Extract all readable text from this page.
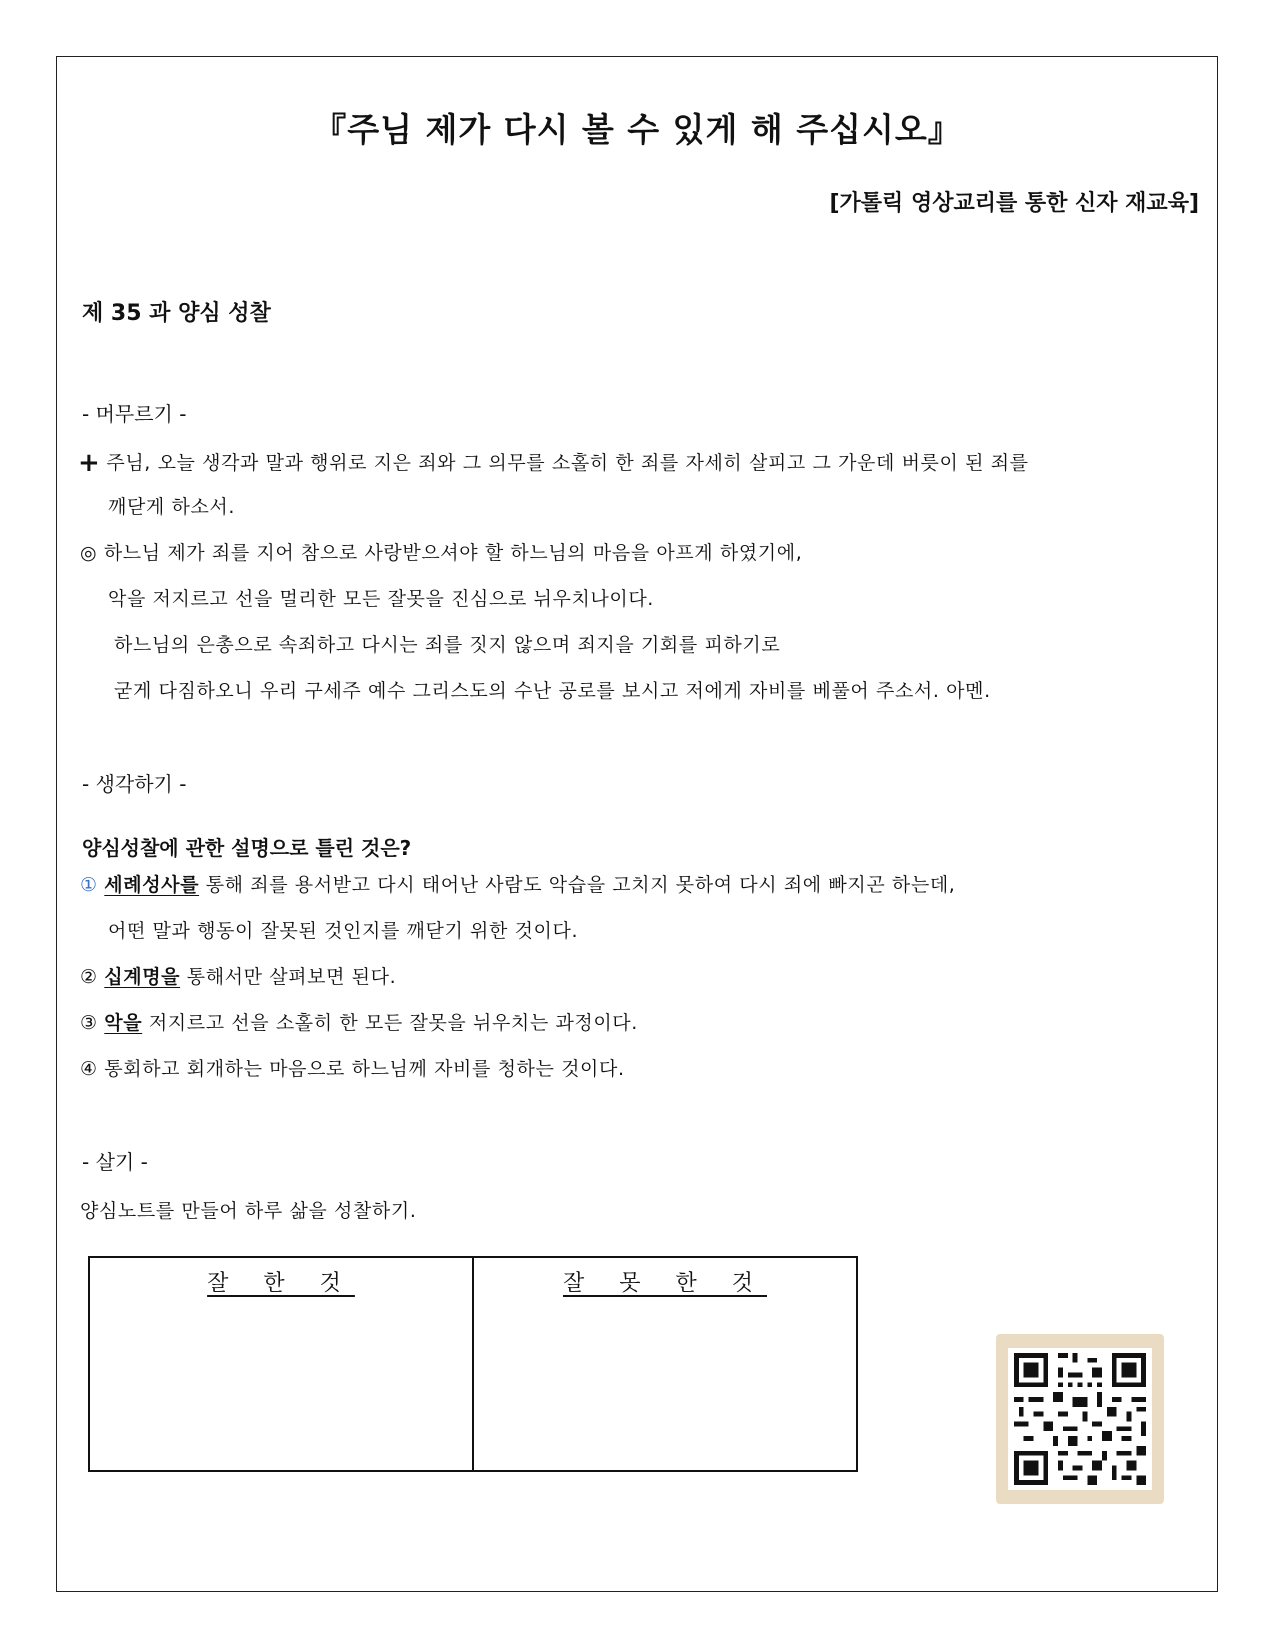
『주님 제가 다시 볼 수 있게 해 주십시오』
[가톨릭 영상교리를 통한 신자 재교육]
제 35 과 양심 성찰
- 머무르기 -
+ 주님, 오늘 생각과 말과 행위로 지은 죄와 그 의무를 소홀히 한 죄를 자세히 살피고 그 가운데 버릇이 된 죄를
깨닫게 하소서.
◎ 하느님 제가 죄를 지어 참으로 사랑받으셔야 할 하느님의 마음을 아프게 하였기에,
악을 저지르고 선을 멀리한 모든 잘못을 진심으로 뉘우치나이다.
하느님의 은총으로 속죄하고 다시는 죄를 짓지 않으며 죄지을 기회를 피하기로
굳게 다짐하오니 우리 구세주 예수 그리스도의 수난 공로를 보시고 저에게 자비를 베풀어 주소서. 아멘.
- 생각하기 -
양심성찰에 관한 설명으로 틀린 것은?
① 세례성사를 통해 죄를 용서받고 다시 태어난 사람도 악습을 고치지 못하여 다시 죄에 빠지곤 하는데,
어떤 말과 행동이 잘못된 것인지를 깨닫기 위한 것이다.
② 십계명을 통해서만 살펴보면 된다.
③ 악을 저지르고 선을 소홀히 한 모든 잘못을 뉘우치는 과정이다.
④ 통회하고 회개하는 마음으로 하느님께 자비를 청하는 것이다.
- 살기 -
양심노트를 만들어 하루 삶을 성찰하기.
잘 한 것	잘 못 한 것
